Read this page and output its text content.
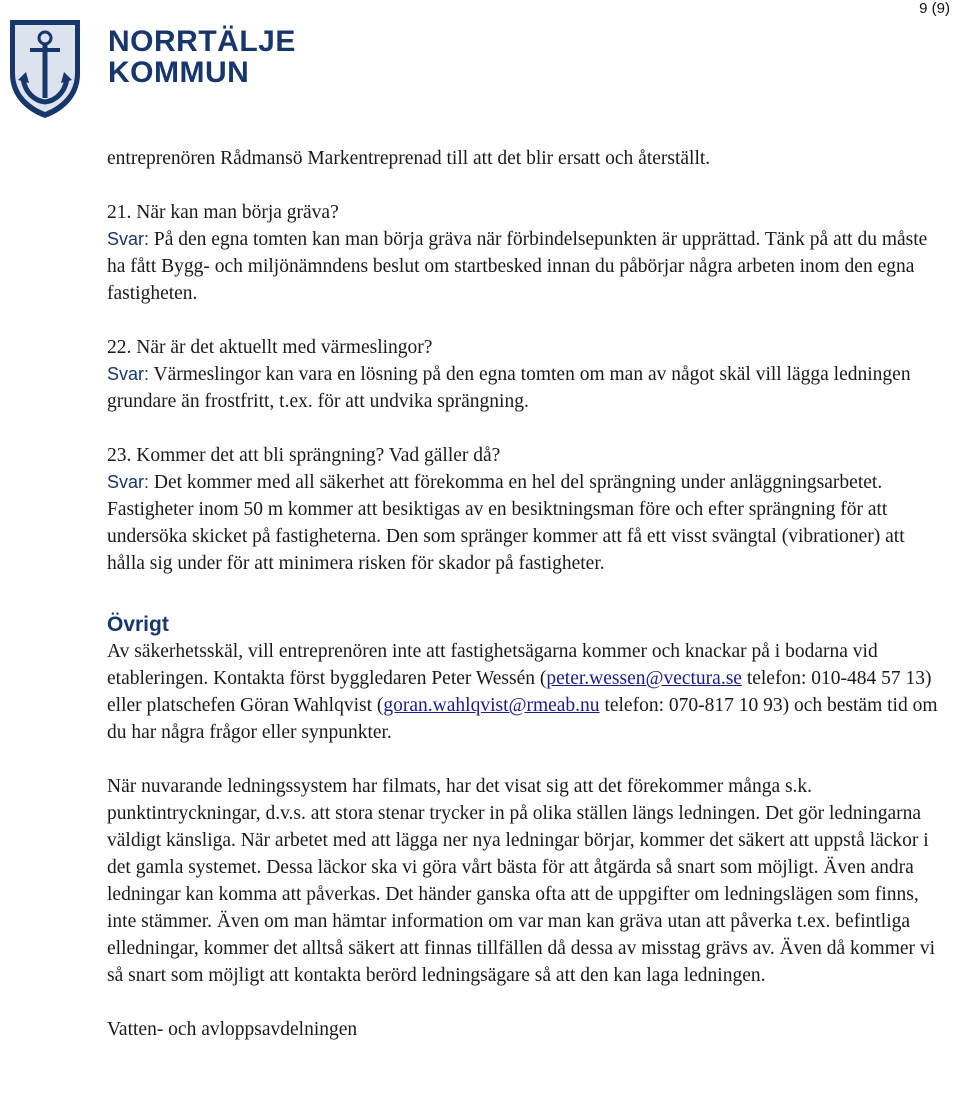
9 (9)
NORRTÄLJE
KOMMUN

entreprenören Rådmansö Markentreprenad till att det blir ersatt och återställt.

21. När kan man börja gräva?

Svar: På den egna tomten kan man börja gräva när förbindelsepunkten är upprättad. Tänk på att du måste ha fått Bygg- och miljönämndens beslut om startbesked innan du påbörjar några arbeten inom den egna fastigheten.

22. När är det aktuellt med värmeslingor?

Svar: Värmeslingor kan vara en lösning på den egna tomten om man av något skäl vill lägga ledningen grundare än frostfritt, t.ex. för att undvika sprängning.

23. Kommer det att bli sprängning? Vad gäller då?

Svar: Det kommer med all säkerhet att förekomma en hel del sprängning under anläggningsarbetet. Fastigheter inom 50 m kommer att besiktigas av en besiktningsman före och efter sprängning för att undersöka skicket på fastigheterna. Den som spränger kommer att få ett visst svängtal (vibrationer) att hålla sig under för att minimera risken för skador på fastigheter.

Övrigt

Av säkerhetsskäl, vill entreprenören inte att fastighetsägarna kommer och knackar på i bodarna vid etableringen. Kontakta först byggledaren Peter Wessén (peter.wessen@vectura.se telefon: 010-484 57 13) eller platschefen Göran Wahlqvist (goran.wahlqvist@rmeab.nu telefon: 070-817 10 93) och bestäm tid om du har några frågor eller synpunkter.

När nuvarande ledningssystem har filmats, har det visat sig att det förekommer många s.k. punktintryckningar, d.v.s. att stora stenar trycker in på olika ställen längs ledningen. Det gör ledningarna väldigt känsliga. När arbetet med att lägga ner nya ledningar börjar, kommer det säkert att uppstå läckor i det gamla systemet. Dessa läckor ska vi göra vårt bästa för att åtgärda så snart som möjligt. Även andra ledningar kan komma att påverkas. Det händer ganska ofta att de uppgifter om ledningslägen som finns, inte stämmer. Även om man hämtar information om var man kan gräva utan att påverka t.ex. befintliga elledningar, kommer det alltså säkert att finnas tillfällen då dessa av misstag grävs av. Även då kommer vi så snart som möjligt att kontakta berörd ledningsägare så att den kan laga ledningen.

Vatten- och avloppsavdelningen
